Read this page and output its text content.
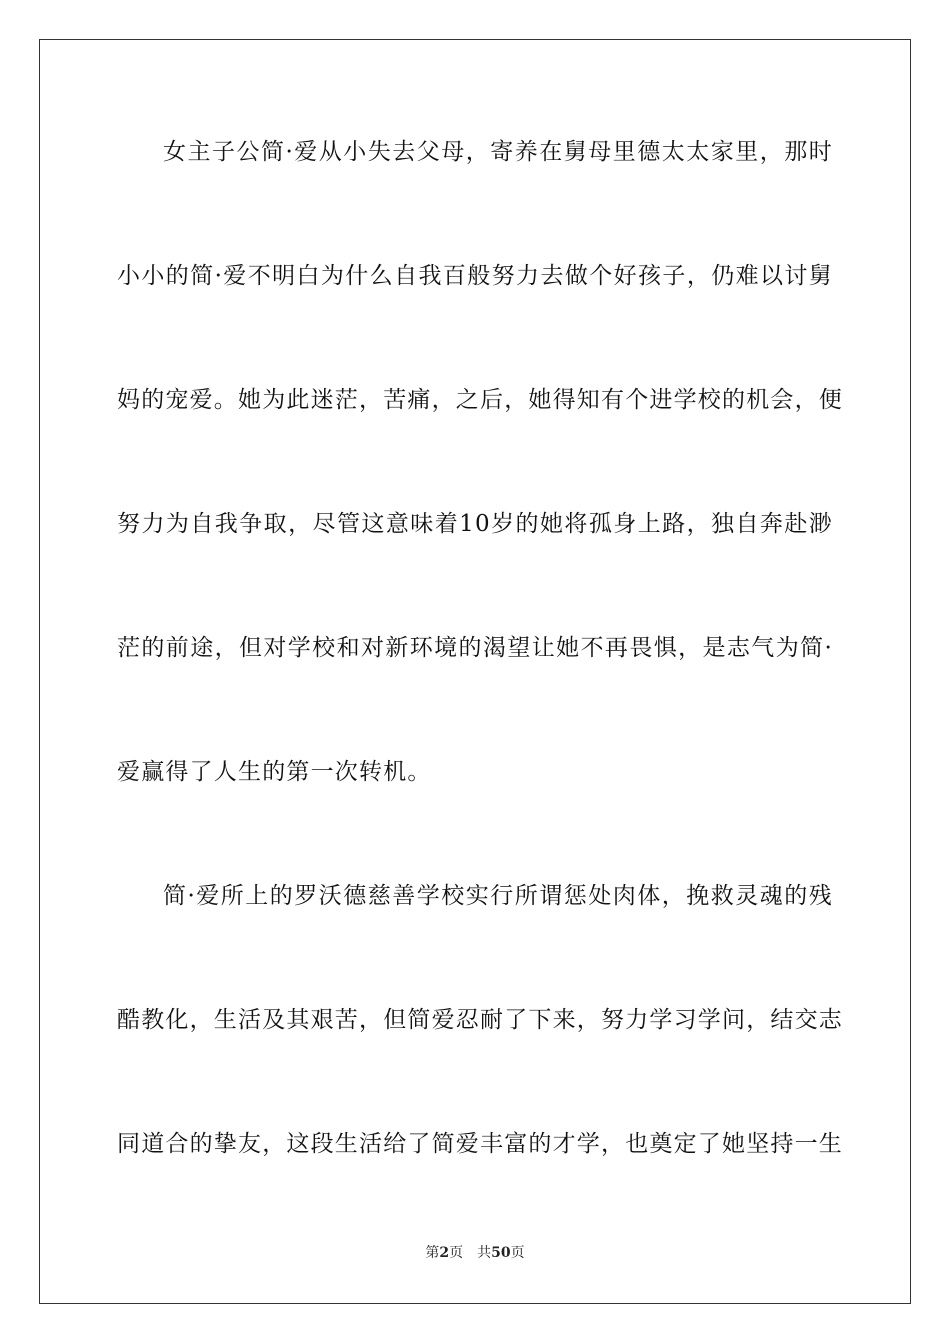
女主子公简·爱从小失去父母，寄养在舅母里德太太家里，那时
小小的简·爱不明白为什么自我百般努力去做个好孩子，仍难以讨舅
妈的宠爱。她为此迷茫，苦痛，之后，她得知有个进学校的机会，便
努力为自我争取，尽管这意味着10岁的她将孤身上路，独自奔赴渺
茫的前途，但对学校和对新环境的渴望让她不再畏惧，是志气为简·
爱赢得了人生的第一次转机。
简·爱所上的罗沃德慈善学校实行所谓惩处肉体，挽救灵魂的残
酷教化，生活及其艰苦，但简爱忍耐了下来，努力学习学问，结交志
同道合的挚友，这段生活给了简爱丰富的才学，也奠定了她坚持一生
第2页 共50页
